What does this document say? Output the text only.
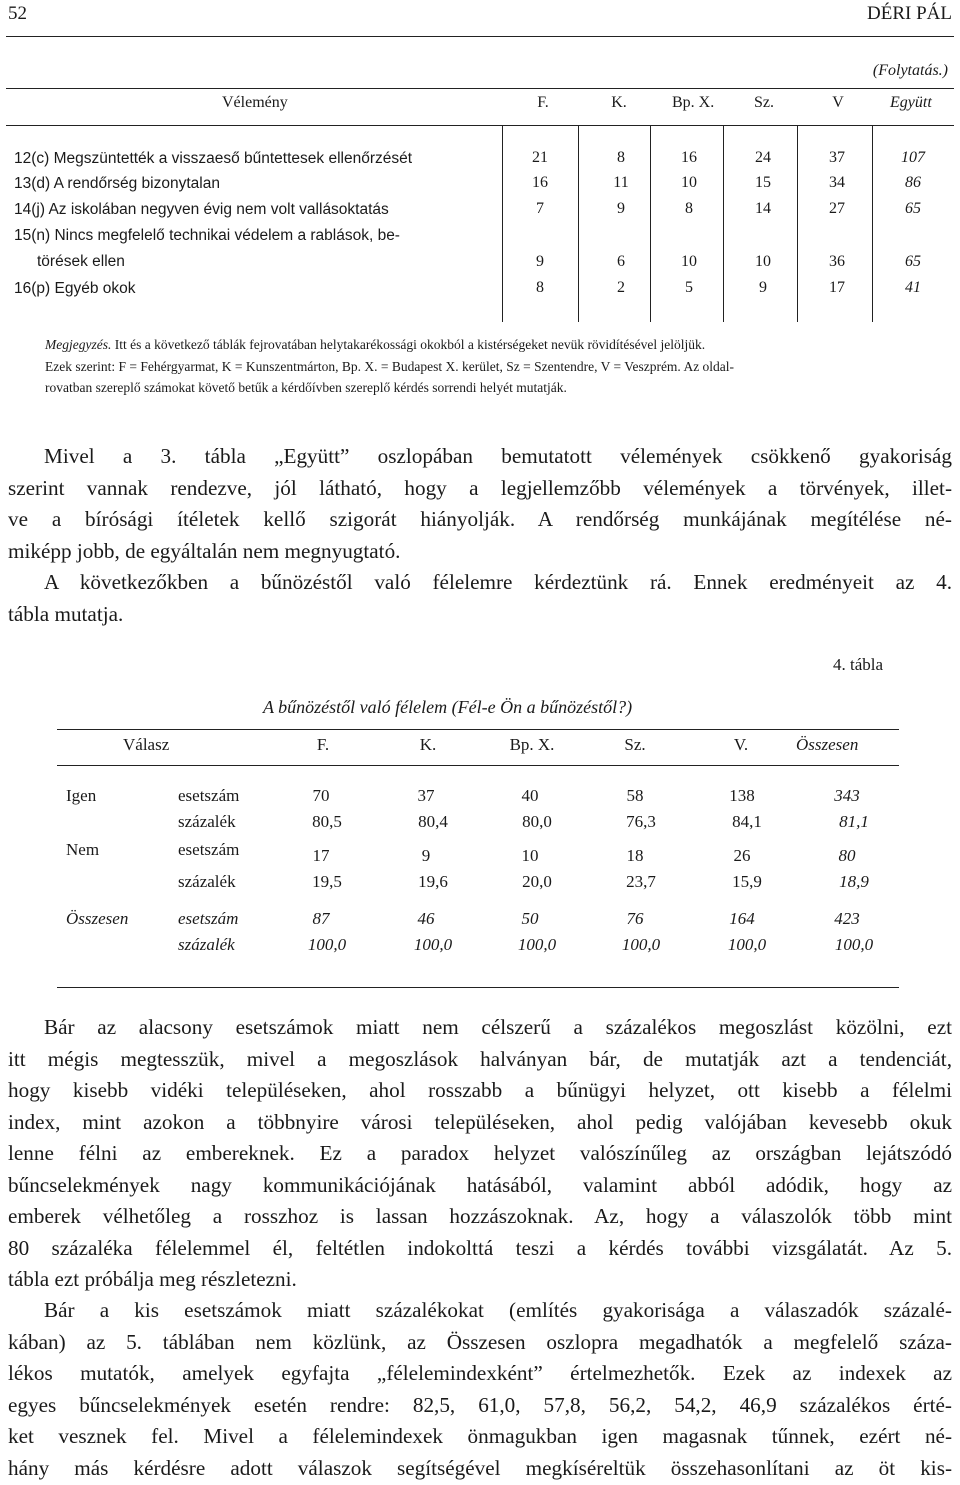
52	DÉRI PÁL
(Folytatás.)
Vélemény	F.	K.	Bp. X.	Sz.	V	Együtt
12(c) Megszüntették a visszaeső bűntettesek ellenőrzését	21	8	16	24	37	107
13(d) A rendőrség bizonytalan	16	11	10	15	34	86
14(j) Az iskolában negyven évig nem volt vallásoktatás	7	9	8	14	27	65
15(n) Nincs megfelelő technikai védelem a rablások, be-
törések ellen	9	6	10	10	36	65
16(p) Egyéb okok	8	2	5	9	17	41
Megjegyzés. Itt és a következő táblák fejrovatában helytakarékossági okokból a kistérségeket nevük rövidítésével jelöljük.
Ezek szerint: F = Fehérgyarmat, K = Kunszentmárton, Bp. X. = Budapest X. kerület, Sz = Szentendre, V = Veszprém. Az oldal-
rovatban szereplő számokat követő betűk a kérdőívben szereplő kérdés sorrendi helyét mutatják.
Mivel a 3. tábla „Együtt” oszlopában bemutatott vélemények csökkenő gyakoriság
szerint vannak rendezve, jól látható, hogy a legjellemzőbb vélemények a törvények, illet-
ve a bírósági ítéletek kellő szigorát hiányolják. A rendőrség munkájának megítélése né-
miképp jobb, de egyáltalán nem megnyugtató.
A következőkben a bűnözéstől való félelemre kérdeztünk rá. Ennek eredményeit az 4.
tábla mutatja.
4. tábla
A bűnözéstől való félelem (Fél-e Ön a bűnözéstől?)
Válasz	F.	K.	Bp. X.	Sz.	V.	Összesen
Igen	esetszám	70	37	40	58	138	343
százalék	80,5	80,4	80,0	76,3	84,1	81,1
Nem	esetszám	17	9	10	18	26	80
százalék	19,5	19,6	20,0	23,7	15,9	18,9
Összesen	esetszám	87	46	50	76	164	423
százalék	100,0	100,0	100,0	100,0	100,0	100,0
Bár az alacsony esetszámok miatt nem célszerű a százalékos megoszlást közölni, ezt
itt mégis megtesszük, mivel a megoszlások halványan bár, de mutatják azt a tendenciát,
hogy kisebb vidéki településeken, ahol rosszabb a bűnügyi helyzet, ott kisebb a félelmi
index, mint azokon a többnyire városi településeken, ahol pedig valójában kevesebb okuk
lenne félni az embereknek. Ez a paradox helyzet valószínűleg az országban lejátszódó
bűncselekmények nagy kommunikációjának hatásából, valamint abból adódik, hogy az
emberek vélhetőleg a rosszhoz is lassan hozzászoknak. Az, hogy a válaszolók több mint
80 százaléka félelemmel él, feltétlen indokolttá teszi a kérdés további vizsgálatát. Az 5.
tábla ezt próbálja meg részletezni.
Bár a kis esetszámok miatt százalékokat (említés gyakorisága a válaszadók százalé-
kában) az 5. táblában nem közlünk, az Összesen oszlopra megadhatók a megfelelő száza-
lékos mutatók, amelyek egyfajta „félelemindexként” értelmezhetők. Ezek az indexek az
egyes bűncselekmények esetén rendre: 82,5, 61,0, 57,8, 56,2, 54,2, 46,9 százalékos érté-
ket vesznek fel. Mivel a félelemindexek önmagukban igen magasnak tűnnek, ezért né-
hány más kérdésre adott válaszok segítségével megkíséreltük összehasonlítani az öt kis-
